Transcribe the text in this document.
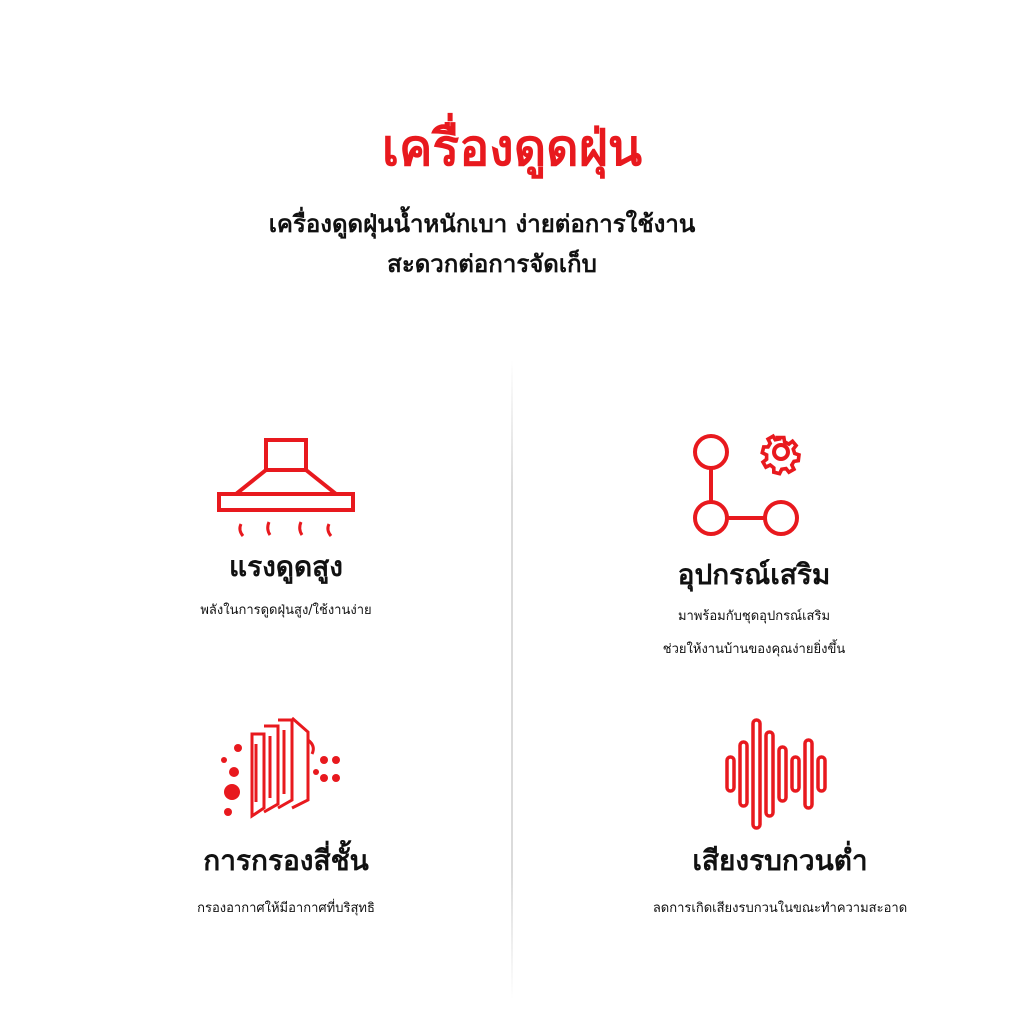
เครื่องดูดฝุ่น
เครื่องดูดฝุ่นน้ำหนักเบา ง่ายต่อการใช้งาน
สะดวกต่อการจัดเก็บ
แรงดูดสูง
พลังในการดูดฝุ่นสูง/ใช้งานง่าย
อุปกรณ์เสริม
มาพร้อมกับชุดอุปกรณ์เสริม
ช่วยให้งานบ้านของคุณง่ายยิ่งขึ้น
การกรองสี่ชั้น
กรองอากาศให้มีอากาศที่บริสุทธิ
เสียงรบกวนต่ำ
ลดการเกิดเสียงรบกวนในขณะทำความสะอาด
